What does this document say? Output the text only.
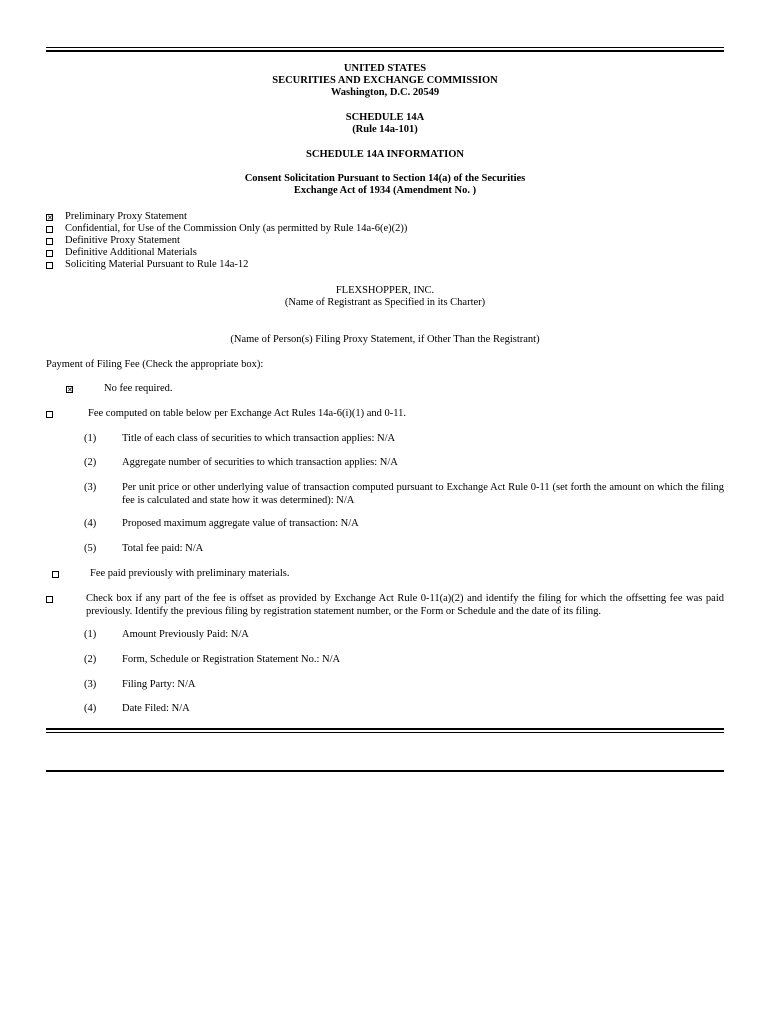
UNITED STATES
SECURITIES AND EXCHANGE COMMISSION
Washington, D.C. 20549
SCHEDULE 14A
(Rule 14a-101)
SCHEDULE 14A INFORMATION
Consent Solicitation Pursuant to Section 14(a) of the Securities
Exchange Act of 1934 (Amendment No. )
✕ Preliminary Proxy Statement
Confidential, for Use of the Commission Only (as permitted by Rule 14a-6(e)(2))
Definitive Proxy Statement
Definitive Additional Materials
Soliciting Material Pursuant to Rule 14a-12
FLEXSHOPPER, INC.
(Name of Registrant as Specified in its Charter)
(Name of Person(s) Filing Proxy Statement, if Other Than the Registrant)
Payment of Filing Fee (Check the appropriate box):
✕	No fee required.
Fee computed on table below per Exchange Act Rules 14a-6(i)(1) and 0-11.
(1) Title of each class of securities to which transaction applies: N/A
(2) Aggregate number of securities to which transaction applies: N/A
(3) Per unit price or other underlying value of transaction computed pursuant to Exchange Act Rule 0-11 (set forth the amount on which the filing fee is calculated and state how it was determined): N/A
(4) Proposed maximum aggregate value of transaction: N/A
(5) Total fee paid: N/A
Fee paid previously with preliminary materials.
Check box if any part of the fee is offset as provided by Exchange Act Rule 0-11(a)(2) and identify the filing for which the offsetting fee was paid previously. Identify the previous filing by registration statement number, or the Form or Schedule and the date of its filing.
(1) Amount Previously Paid: N/A
(2) Form, Schedule or Registration Statement No.: N/A
(3) Filing Party: N/A
(4) Date Filed: N/A
